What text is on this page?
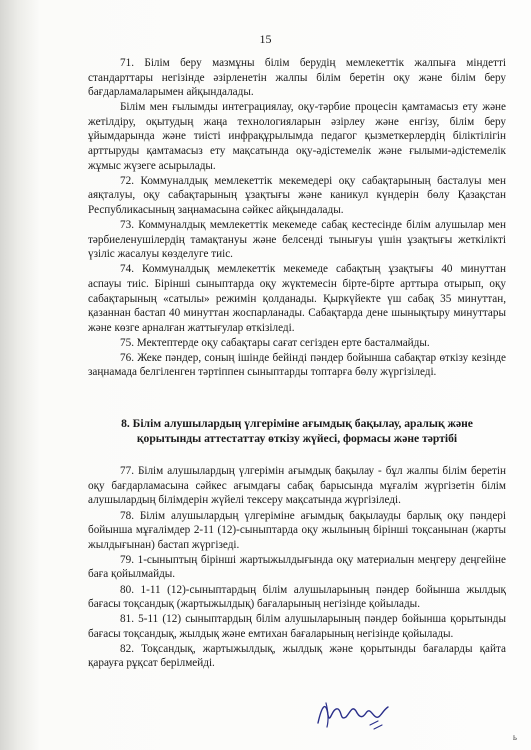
15

71. Білім беру мазмұны білім берудің мемлекеттік жалпыға міндетті стандарттары негізінде әзірленетін жалпы білім беретін оқу және білім беру бағдарламаларымен айқындалады.

Білім мен ғылымды интеграциялау, оқу-тәрбие процесін қамтамасыз ету және жетілдіру, оқытудың жаңа технологияларын әзірлеу және енгізу, білім беру ұйымдарында және тиісті инфрақұрылымда педагог қызметкерлердің біліктілігін арттыруды қамтамасыз ету мақсатында оқу-әдістемелік және ғылыми-әдістемелік жұмыс жүзеге асырылады.

72. Коммуналдық мемлекеттік мекемедері оқу сабақтарының басталуы мен аяқталуы, оқу сабақтарының ұзақтығы және каникул күндерін бөлу Қазақстан Республикасының заңнамасына сәйкес айқындалады.

73. Коммуналдық мемлекеттік мекемеде сабақ кестесінде білім алушылар мен тәрбиеленушілердің тамақтануы және белсенді тынығуы үшін ұзақтығы жеткілікті үзіліс жасалуы көзделуге тиіс.

74. Коммуналдық мемлекеттік мекемеде сабақтың ұзақтығы 40 минуттан аспауы тиіс. Бірінші сыныптарда оқу жүктемесін бірте-бірте арттыра отырып, оқу сабақтарының «сатылы» режимін қолданады. Қыркүйекте үш сабақ 35 минуттан, қазаннан бастап 40 минуттан жоспарланады. Сабақтарда дене шынықтыру минуттары және көзге арналған жаттығулар өткізіледі.

75. Мектептерде оқу сабақтары сағат сегізден ерте басталмайды.

76. Жеке пәндер, соның ішінде бейінді пәндер бойынша сабақтар өткізу кезінде заңнамада белгіленген тәртіппен сыныптарды топтарға бөлу жүргізіледі.

8. Білім алушылардың үлгеріміне ағымдық бақылау, аралық және қорытынды аттестаттау өткізу жүйесі, формасы және тәртібі

77. Білім алушылардың үлгерімін ағымдық бақылау - бұл жалпы білім беретін оқу бағдарламасына сәйкес ағымдағы сабақ барысында мұғалім жүргізетін білім алушылардың білімдерін жүйелі тексеру мақсатында жүргізіледі.

78. Білім алушылардың үлгеріміне ағымдық бақылауды барлық оқу пәндері бойынша мұғалімдер 2-11 (12)-сыныптарда оқу жылының бірінші тоқсанынан (жарты жылдығынан) бастап жүргізеді.

79. 1-сыныптың бірінші жартыжылдығында оқу материалын меңгеру деңгейіне баға қойылмайды.

80. 1-11 (12)-сыныптардың білім алушыларының пәндер бойынша жылдық бағасы тоқсандық (жартыжылдық) бағаларының негізінде қойылады.

81. 5-11 (12) сыныптардың білім алушыларының пәндер бойынша қорытынды бағасы тоқсандық, жылдық және емтихан бағаларының негізінде қойылады.

82. Тоқсандық, жартыжылдық, жылдық және қорытынды бағаларды қайта қарауға рұқсат берілмейді.

ь
